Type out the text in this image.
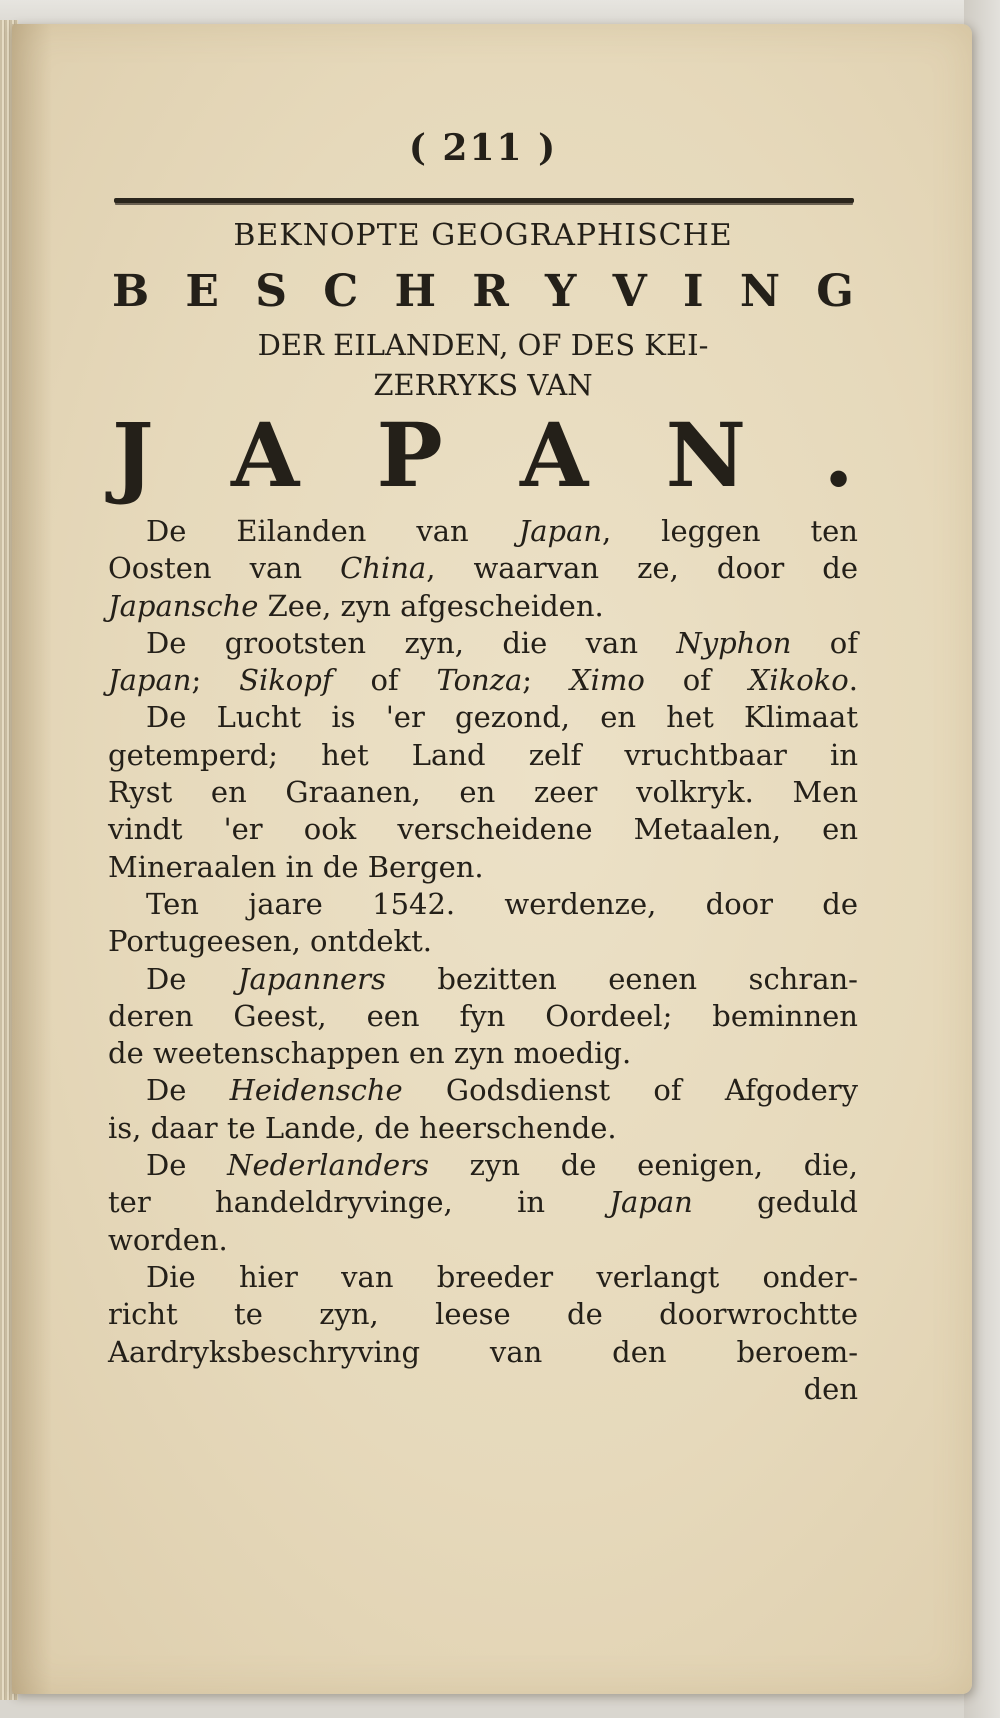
( 211 )
BEKNOPTE GEOGRAPHISCHE
B E S C H R Y V I N G
DER EILANDEN, OF DES KEI-
ZERRYKS VAN
J A P A N .
De Eilanden van Japan, leggen ten
Oosten van China, waarvan ze, door de
Japansche Zee, zyn afgescheiden.
De grootsten zyn, die van Nyphon of
Japan; Sikopf of Tonza; Ximo of Xikoko.
De Lucht is 'er gezond, en het Klimaat
getemperd; het Land zelf vruchtbaar in
Ryst en Graanen, en zeer volkryk. Men
vindt 'er ook verscheidene Metaalen, en
Mineraalen in de Bergen.
Ten jaare 1542. werdenze, door de
Portugeesen, ontdekt.
De Japanners bezitten eenen schran-
deren Geest, een fyn Oordeel; beminnen
de weetenschappen en zyn moedig.
De Heidensche Godsdienst of Afgodery
is, daar te Lande, de heerschende.
De Nederlanders zyn de eenigen, die,
ter handeldryvinge, in Japan geduld
worden.
Die hier van breeder verlangt onder-
richt te zyn, leese de doorwrochtte
Aardryksbeschryving van den beroem-
den
